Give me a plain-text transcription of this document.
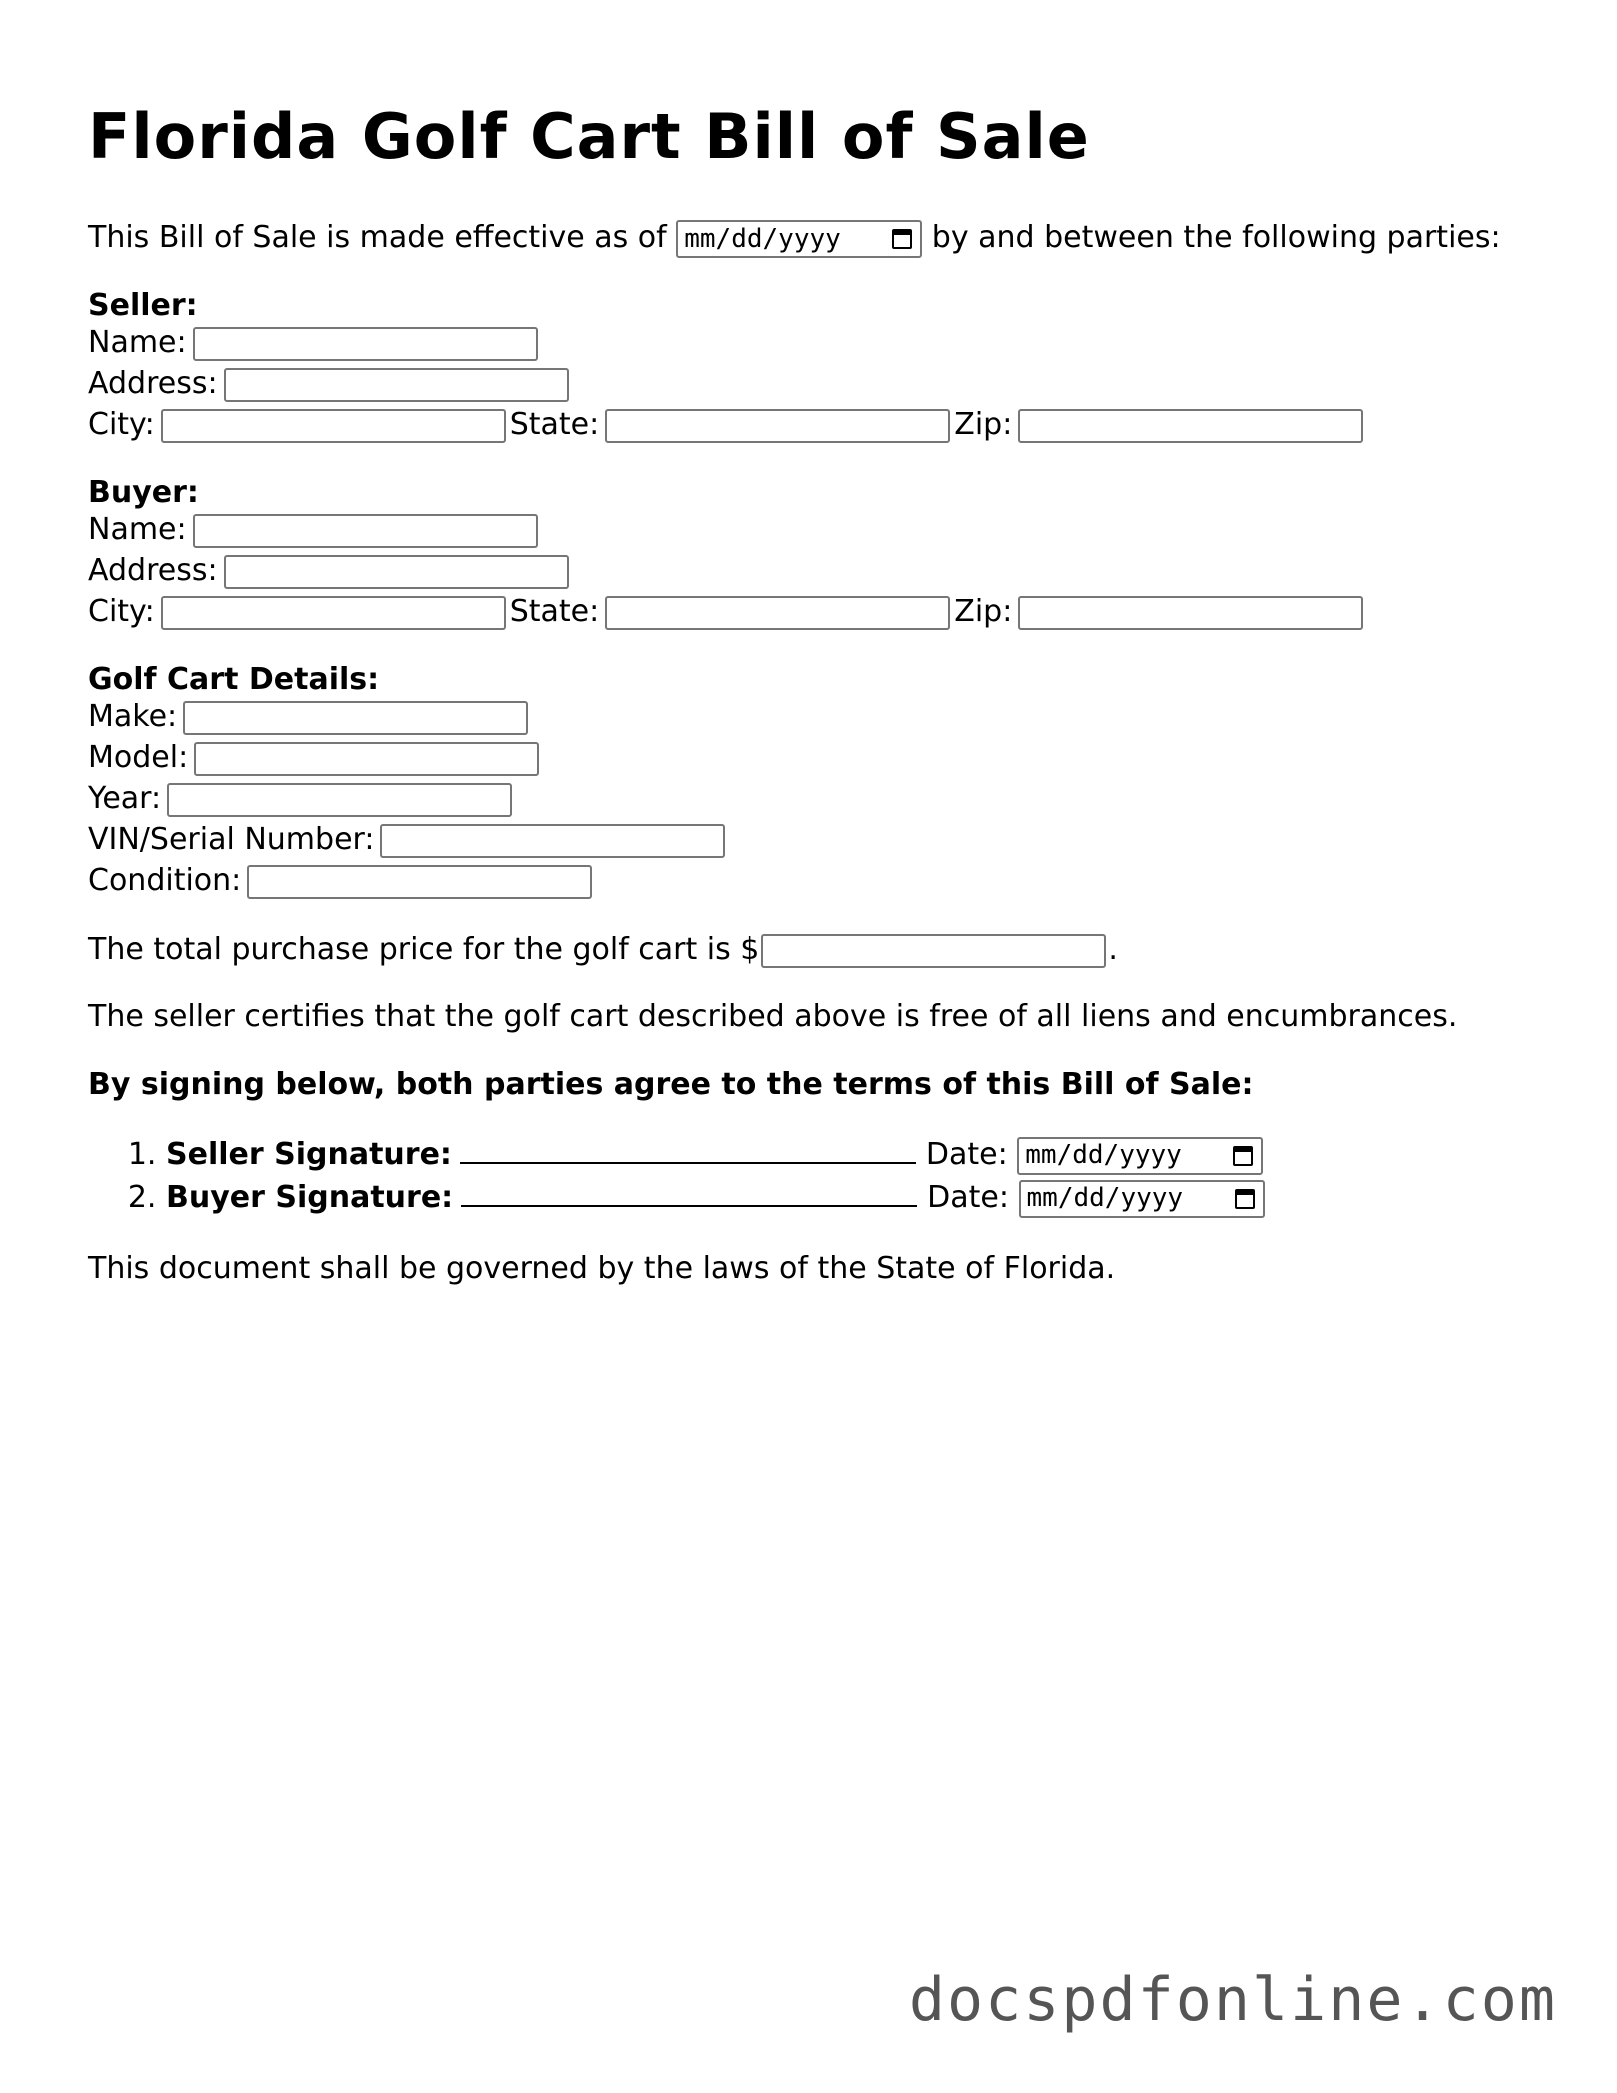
Florida Golf Cart Bill of Sale

This Bill of Sale is made effective as of mm/dd/yyyy	by and between the following parties:

Seller:
Name:
Address:
City:	State:	Zip:
Buyer:
Name:
Address:
City:	State:	Zip:
Golf Cart Details:
Make:
Model:
Year:
VIN/Serial Number:
Condition:

The total purchase price for the golf cart is $	.

The seller certifies that the golf cart described above is free of all liens and encumbrances.

By signing below, both parties agree to the terms of this Bill of Sale:

1. Seller Signature:	Date: mm/dd/yyyy
2. Buyer Signature:	Date: mm/dd/yyyy

This document shall be governed by the laws of the State of Florida.

docspdfonline.com
